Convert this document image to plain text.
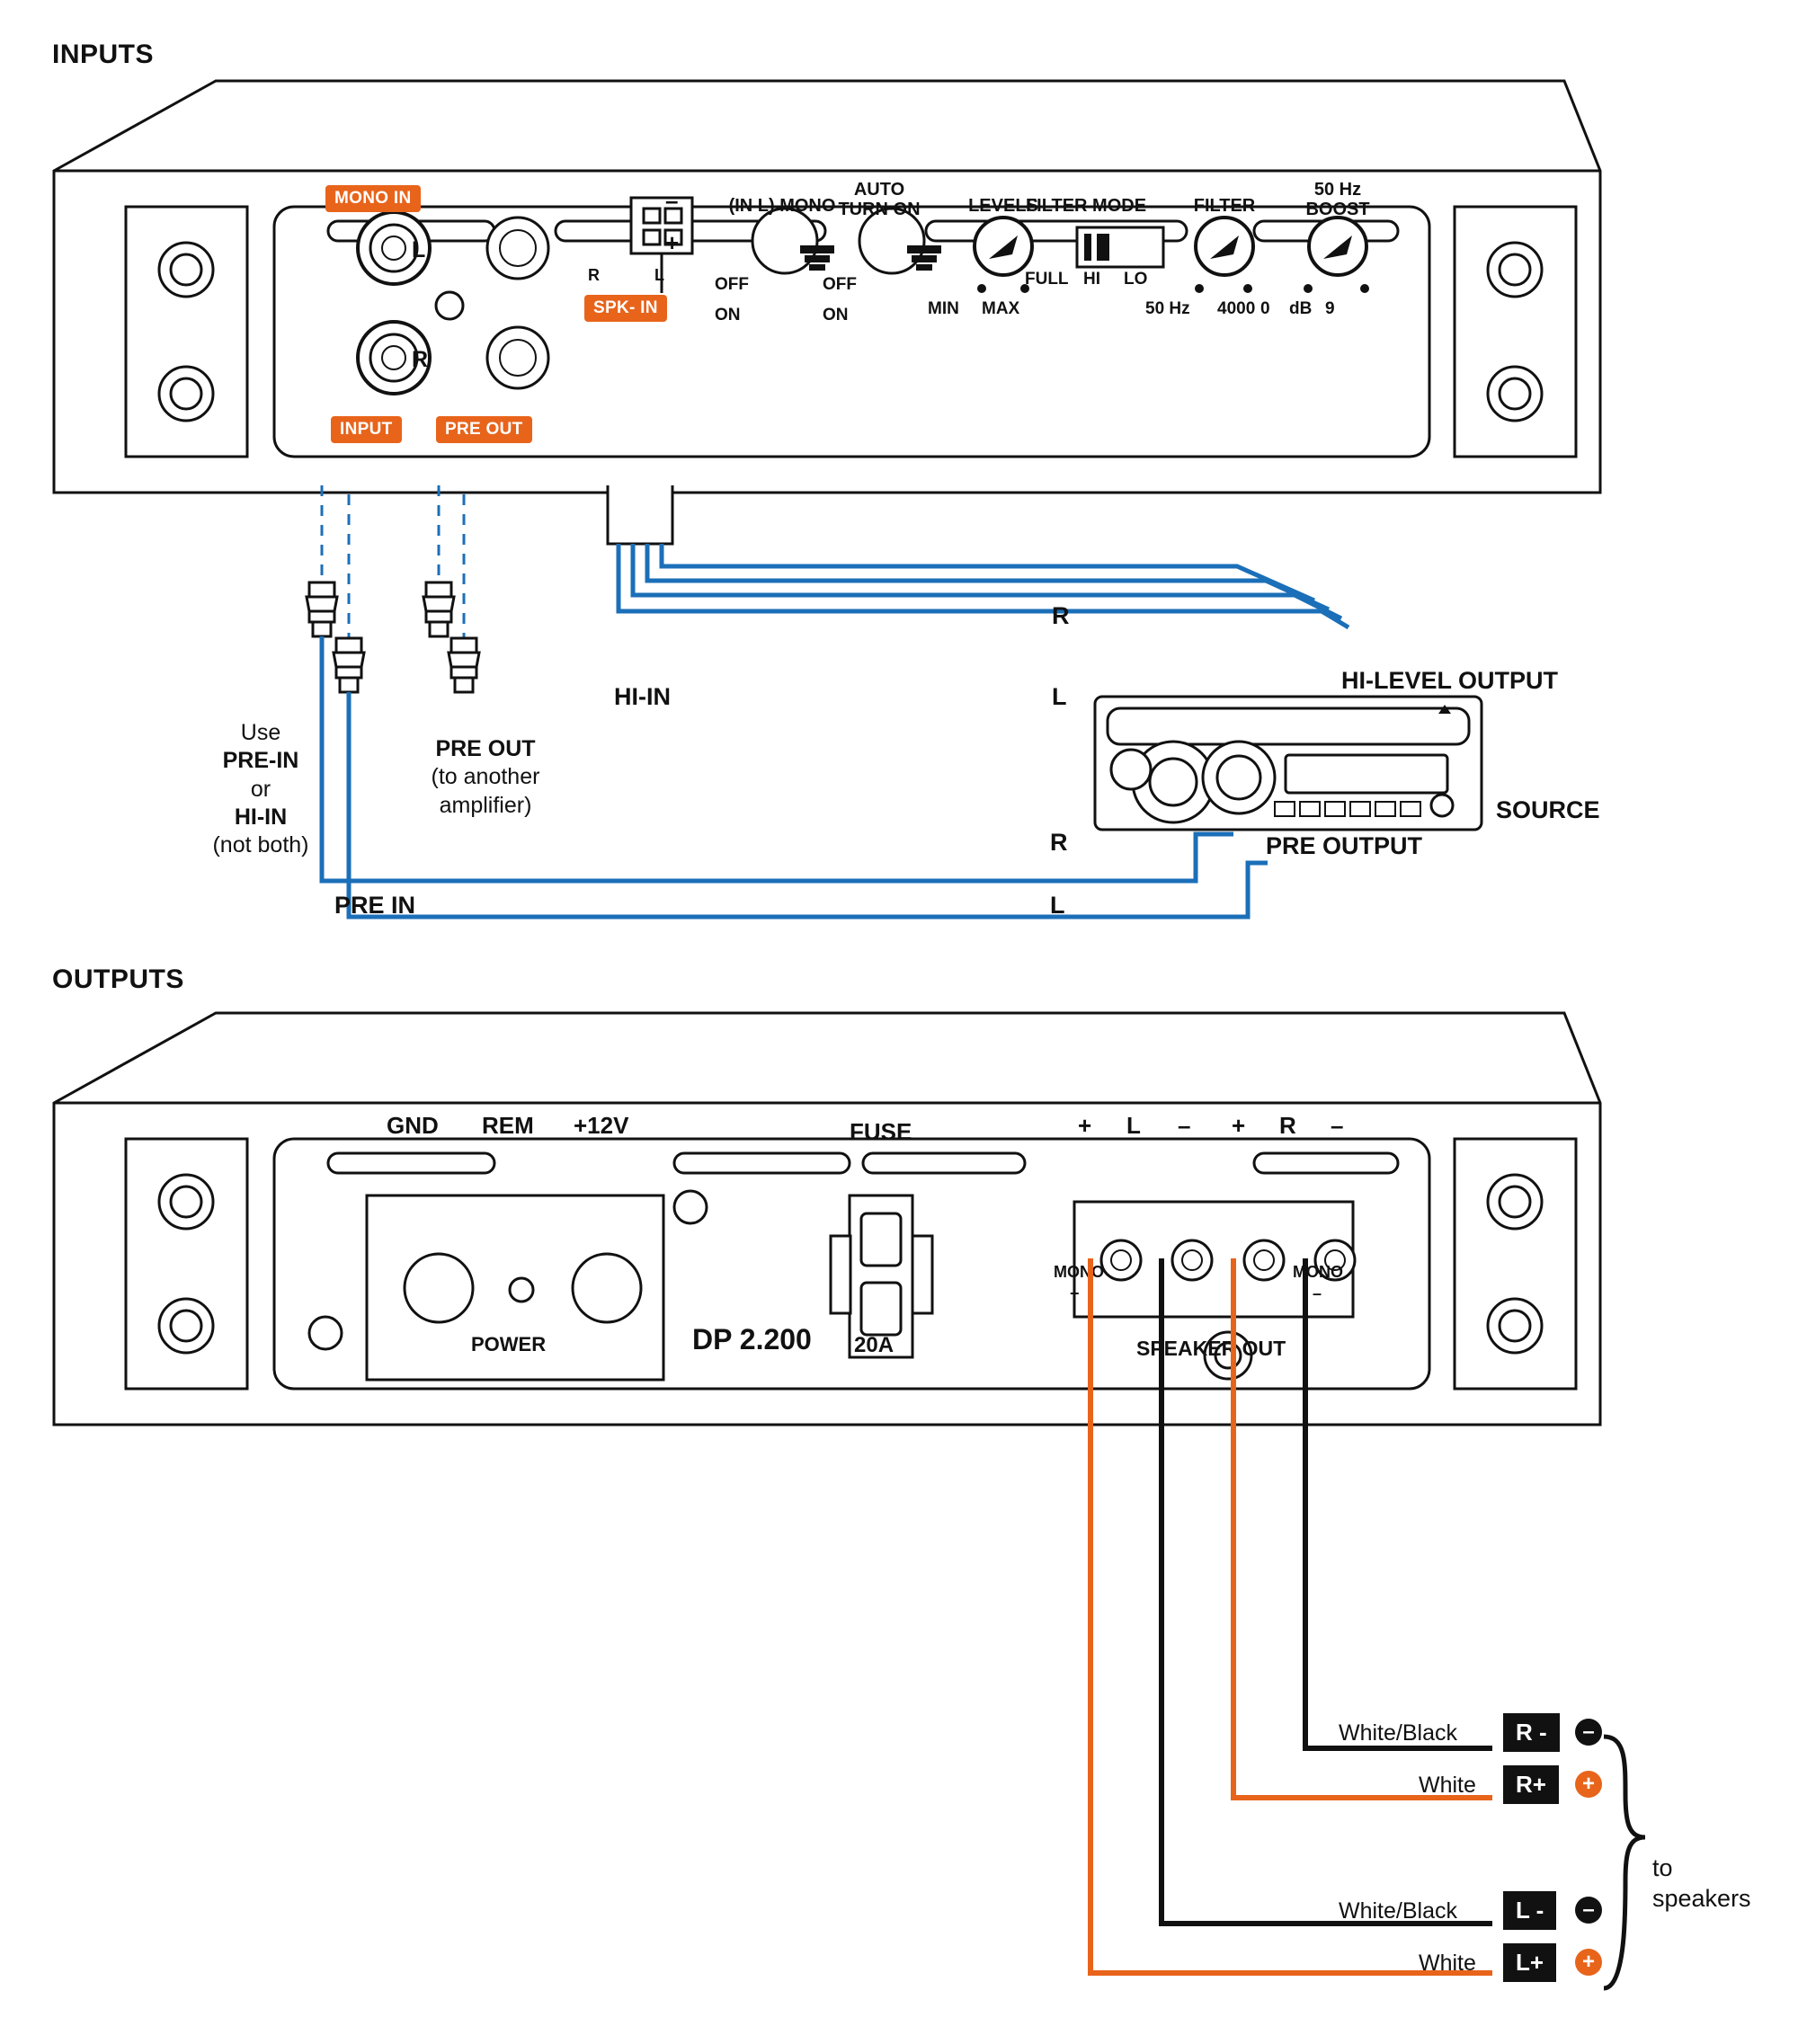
INPUTS
MONO IN
INPUT	PRE OUT
SPK- IN
L
R
–
+
R	L
(IN L) MONO
AUTO
TURN ON	LEVELS
FILTER MODE	FILTER
50 Hz
BOOST
OFF
ON
OFF
ON	MIN MAX
FULL HI LO
50 Hz 4000 0 dB 9
Use
PRE-IN
or
HI-IN
(not both)
PRE OUT
(to another
amplifier)
HI-IN
PRE IN
R
L
R
L
HI-LEVEL OUTPUT
PRE OUTPUT
SOURCE
OUTPUTS
GND REM +12V
POWER
FUSE
20A
DP 2.200
+ L – + R –
MONO
+
MONO
–
SPEAKER OUT
White/Black	R -	–
White	R+	+
White/Black	L -	–
White	L+	+
to
speakers
